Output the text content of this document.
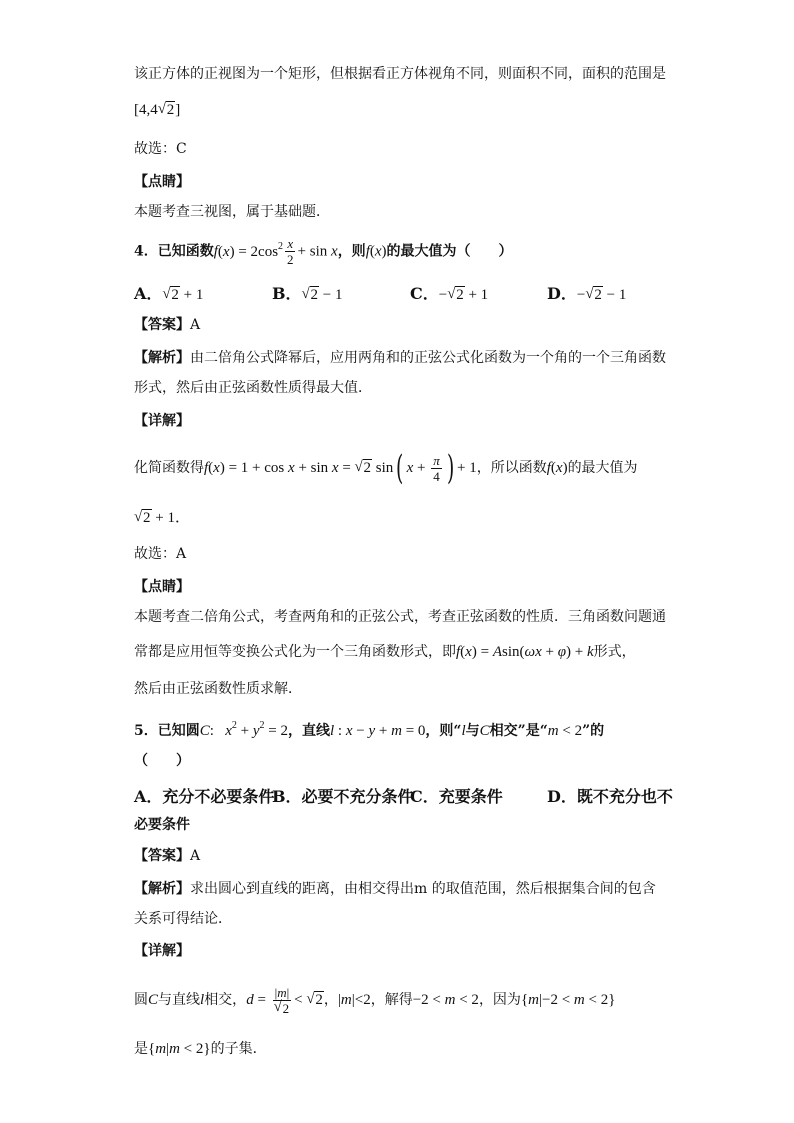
该正方体的正视图为一个矩形，但根据看正方体视角不同，则面积不同，面积的范围是
[4,4 √ 2]
故选：C
【点睛】
本题考查三视图，属于基础题．
4．已知函数$f(x) = 2\cos^2 \frac{x}{2} + \sin x$，则f(x)的最大值为（　　）
A． √ 2 + 1	B． √ 2 − 1	C．− √ 2 + 1	D．− √ 2 − 1
【答案】A
【解析】由二倍角公式降幂后，应用两角和的正弦公式化函数为一个角的一个三角函数
形式，然后由正弦函数性质得最大值．
【详解】
化简函数得f(x) = 1 + cos x + sin x = √ 2 sin( $x + \frac{\pi}{4}$ ) + 1，所以函数f(x)的最大值为
√ 2 + 1．
故选：A
【点睛】
本题考查二倍角公式，考查两角和的正弦公式，考查正弦函数的性质．三角函数问题通
常都是应用恒等变换公式化为一个三角函数形式，即f(x) = Asin(ωx + φ) + k形式，
然后由正弦函数性质求解．
5．已知圆C:   $x^2 + y^2 = 2$，直线l : x − y + m = 0，则“l与C相交”是“m < 2”的
（　　）
A．充分不必要条件
B．必要不充分条件
C．充要条件	D．既不充分也不
必要条件
【答案】A
【解析】求出圆心到直线的距离，由相交得出m 的取值范围，然后根据集合间的包含
关系可得结论．
【详解】
圆C与直线l相交，$d = \frac{|m|}{√ 2}$ < √ 2，|m|<2，解得−2 < m < 2，因为{m|−2 < m < 2}
是{m|m < 2}的子集．
